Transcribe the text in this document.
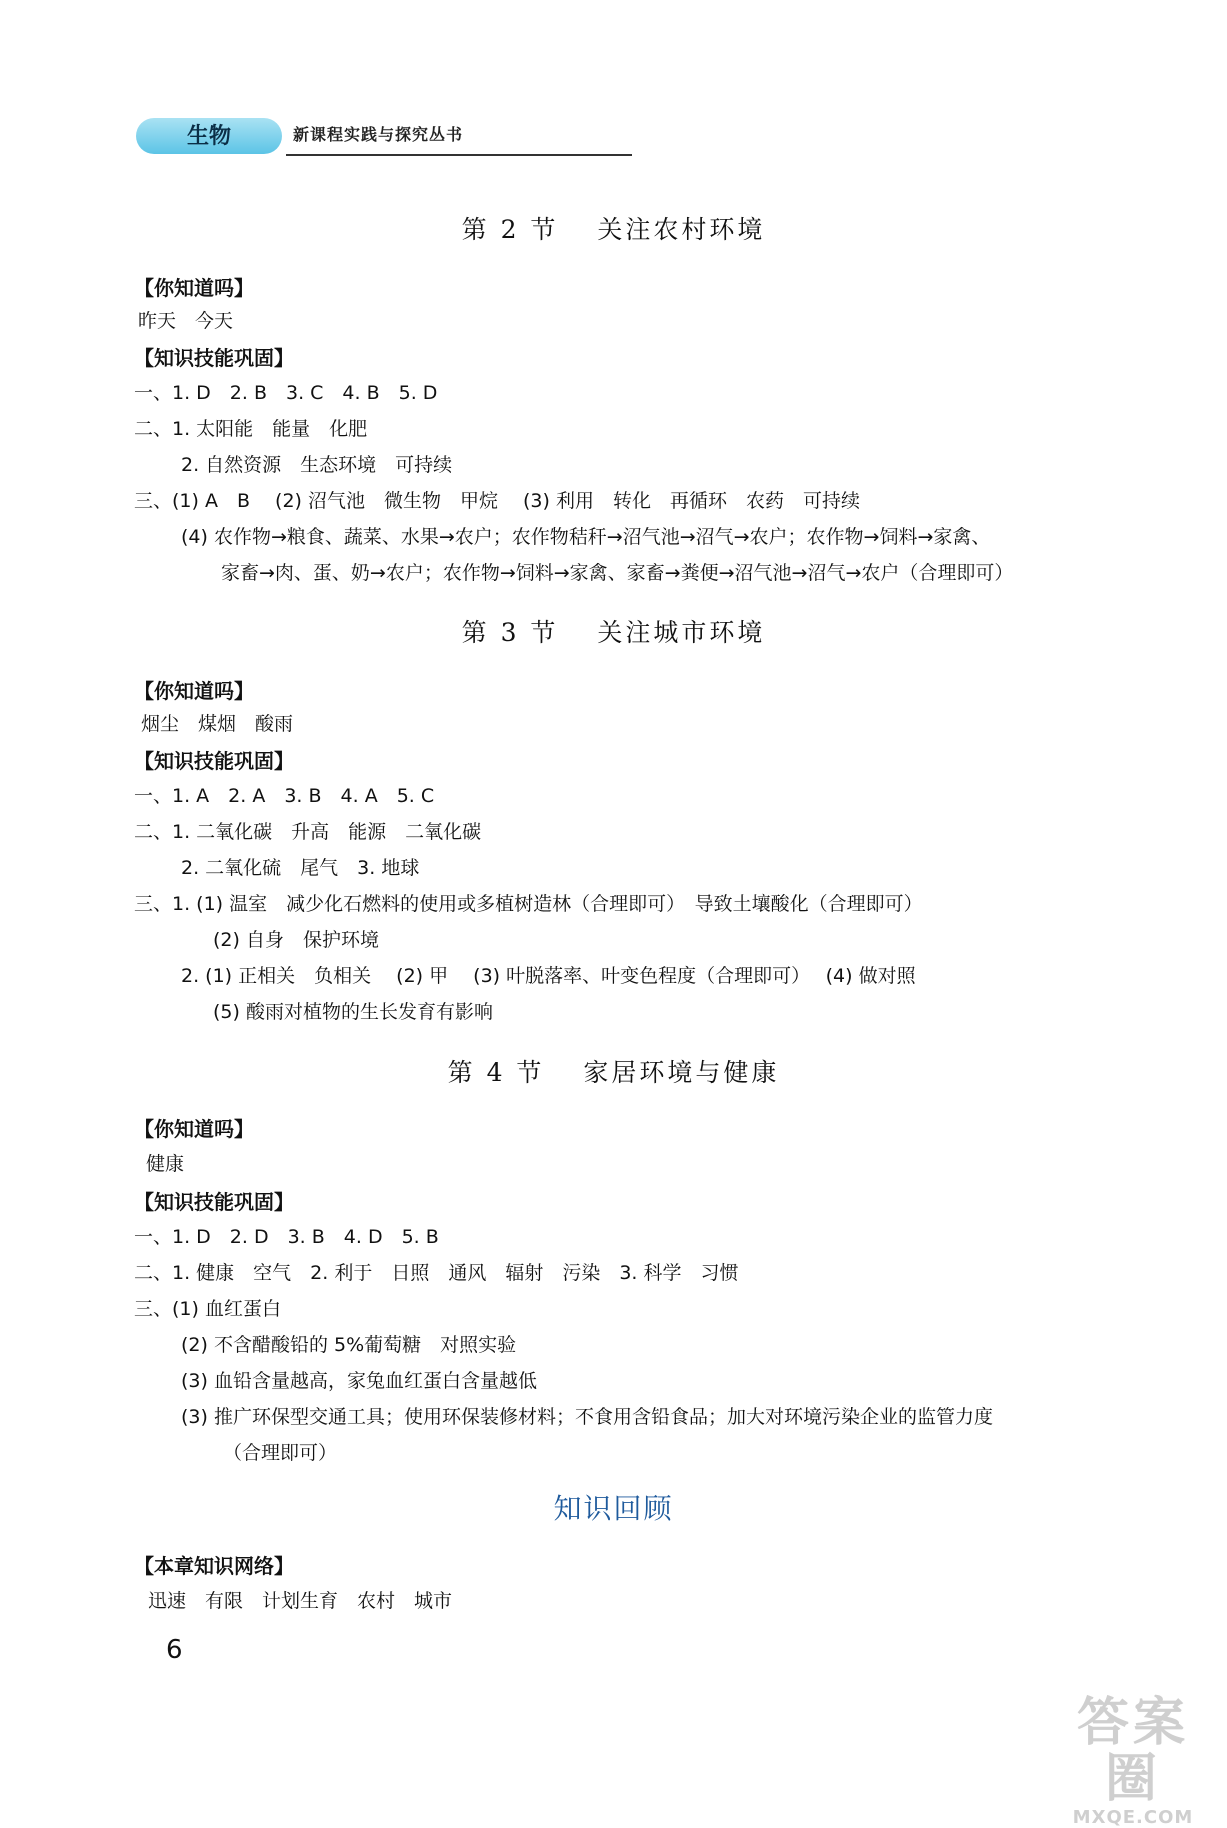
生物	新课程实践与探究丛书
第 2 节　 关注农村环境
【你知道吗】
昨天　今天
【知识技能巩固】
一、1. D　2. B　3. C　4. B　5. D
二、1. 太阳能　能量　化肥
2. 自然资源　生态环境　可持续
三、(1) A　B　 (2) 沼气池　微生物　甲烷　 (3) 利用　转化　再循环　农药　可持续
(4) 农作物→粮食、蔬菜、水果→农户；农作物秸秆→沼气池→沼气→农户；农作物→饲料→家禽、
家畜→肉、蛋、奶→农户；农作物→饲料→家禽、家畜→粪便→沼气池→沼气→农户（合理即可）
第 3 节　 关注城市环境
【你知道吗】
烟尘　煤烟　酸雨
【知识技能巩固】
一、1. A　2. A　3. B　4. A　5. C
二、1. 二氧化碳　升高　能源　二氧化碳
2. 二氧化硫　尾气　3. 地球
三、1. (1) 温室　减少化石燃料的使用或多植树造林（合理即可）　导致土壤酸化（合理即可）
(2) 自身　保护环境
2. (1) 正相关　负相关　 (2) 甲　 (3) 叶脱落率、叶变色程度（合理即可）　 (4) 做对照
(5) 酸雨对植物的生长发育有影响
第 4 节　 家居环境与健康
【你知道吗】
健康
【知识技能巩固】
一、1. D　2. D　3. B　4. D　5. B
二、1. 健康　空气　2. 利于　日照　通风　辐射　污染　3. 科学　习惯
三、(1) 血红蛋白
(2) 不含醋酸铅的 5%葡萄糖　对照实验
(3) 血铅含量越高，家兔血红蛋白含量越低
(3) 推广环保型交通工具；使用环保装修材料；不食用含铅食品；加大对环境污染企业的监管力度
（合理即可）
知识回顾
【本章知识网络】
迅速　有限　计划生育　农村　城市
6
答案圈
MXQE.COM
